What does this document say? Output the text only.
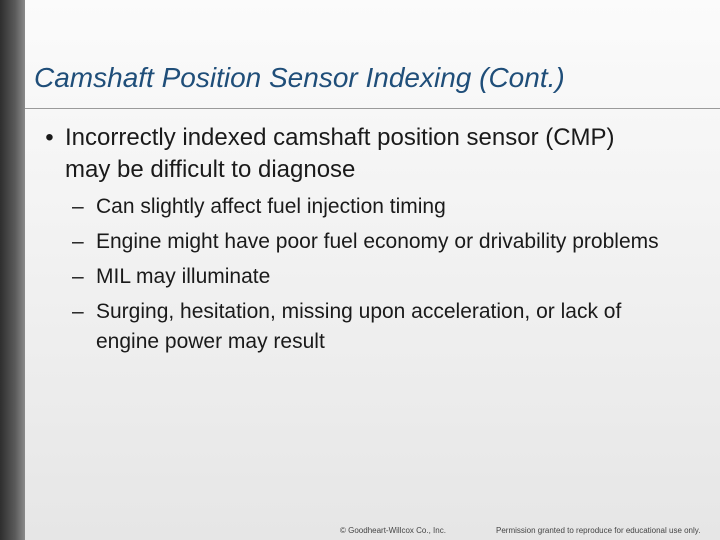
Camshaft Position Sensor Indexing (Cont.)
• Incorrectly indexed camshaft position sensor (CMP) may be difficult to diagnose
– Can slightly affect fuel injection timing
– Engine might have poor fuel economy or drivability problems
– MIL may illuminate
– Surging, hesitation, missing upon acceleration, or lack of engine power may result
© Goodheart-Willcox Co., Inc.	Permission granted to reproduce for educational use only.
